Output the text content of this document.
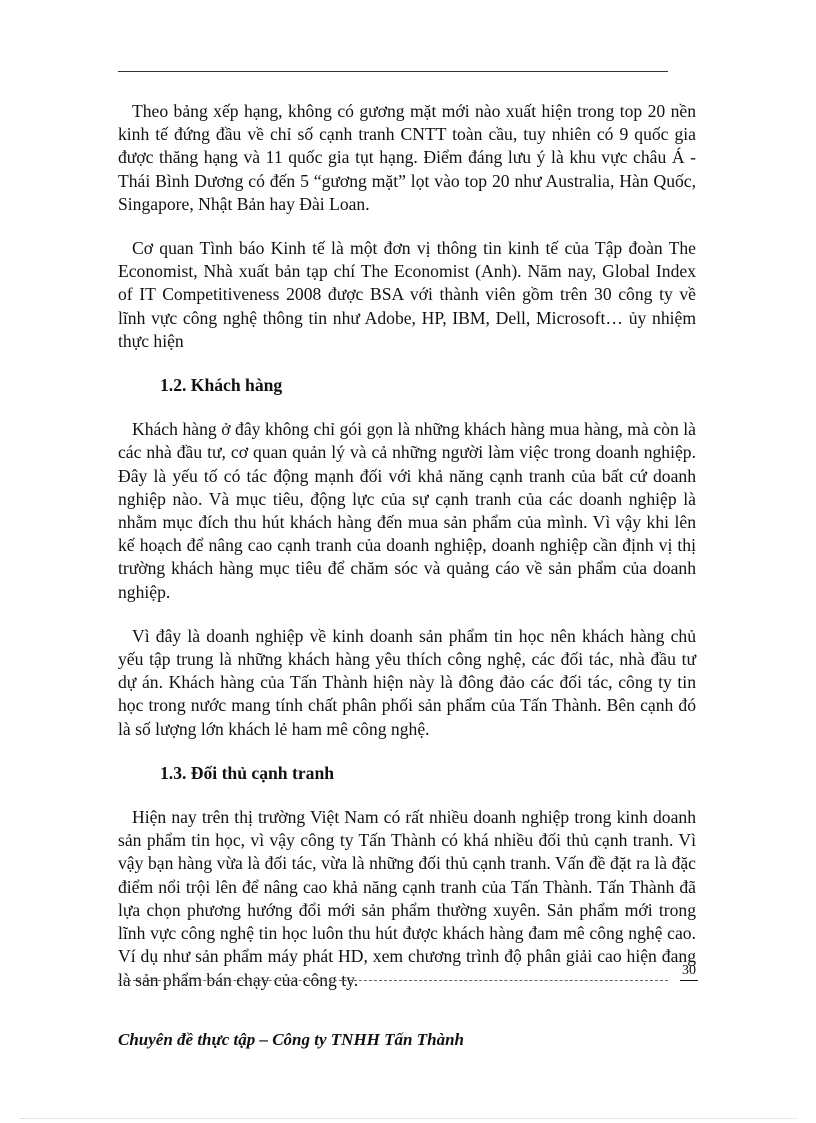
Theo bảng xếp hạng, không có gương mặt mới nào xuất hiện trong top 20 nền kinh tế đứng đầu về chỉ số cạnh tranh CNTT toàn cầu, tuy nhiên có 9 quốc gia được thăng hạng và 11 quốc gia tụt hạng. Điểm đáng lưu ý là khu vực châu Á - Thái Bình Dương có đến 5 “gương mặt” lọt vào top 20 như Australia, Hàn Quốc, Singapore, Nhật Bản hay Đài Loan.

Cơ quan Tình báo Kinh tế là một đơn vị thông tin kinh tế của Tập đoàn The Economist, Nhà xuất bản tạp chí The Economist (Anh). Năm nay, Global Index of IT Competitiveness 2008 được BSA với thành viên gồm trên 30 công ty về lĩnh vực công nghệ thông tin như Adobe, HP, IBM, Dell, Microsoft… ủy nhiệm thực hiện

1.2. Khách hàng

Khách hàng ở đây không chỉ gói gọn là những khách hàng mua hàng, mà còn là các nhà đầu tư, cơ quan quản lý và cả những người làm việc trong doanh nghiệp. Đây là yếu tố có tác động mạnh đối với khả năng cạnh tranh của bất cứ doanh nghiệp nào. Và mục tiêu, động lực của sự cạnh tranh của các doanh nghiệp là nhằm mục đích thu hút khách hàng đến mua sản phẩm của mình. Vì vậy khi lên kế hoạch để nâng cao cạnh tranh của doanh nghiệp, doanh nghiệp cần định vị thị trường khách hàng mục tiêu để chăm sóc và quảng cáo về sản phẩm của doanh nghiệp.

Vì đây là doanh nghiệp về kinh doanh sản phẩm tin học nên khách hàng chủ yếu tập trung là những khách hàng yêu thích công nghệ, các đối tác, nhà đầu tư dự án. Khách hàng của Tấn Thành hiện này là đông đảo các đối tác, công ty tin học trong nước mang tính chất phân phối sản phẩm của Tấn Thành. Bên cạnh đó là số lượng lớn khách lẻ ham mê công nghệ.

1.3. Đối thủ cạnh tranh

Hiện nay trên thị trường Việt Nam có rất nhiều doanh nghiệp trong kinh doanh sản phẩm tin học, vì vậy công ty Tấn Thành có khá nhiều đối thủ cạnh tranh. Vì vậy bạn hàng vừa là đối tác, vừa là những đối thủ cạnh tranh. Vấn đề đặt ra là đặc điểm nổi trội lên để nâng cao khả năng cạnh tranh của Tấn Thành. Tấn Thành đã lựa chọn phương hướng đổi mới sản phẩm thường xuyên. Sản phẩm mới trong lĩnh vực công nghệ tin học luôn thu hút được khách hàng đam mê công nghệ cao. Ví dụ như sản phẩm máy phát HD, xem chương trình độ phân giải cao hiện đang là sản phẩm bán chạy của công ty.	30
Chuyên đề thực tập – Công ty TNHH Tấn Thành
